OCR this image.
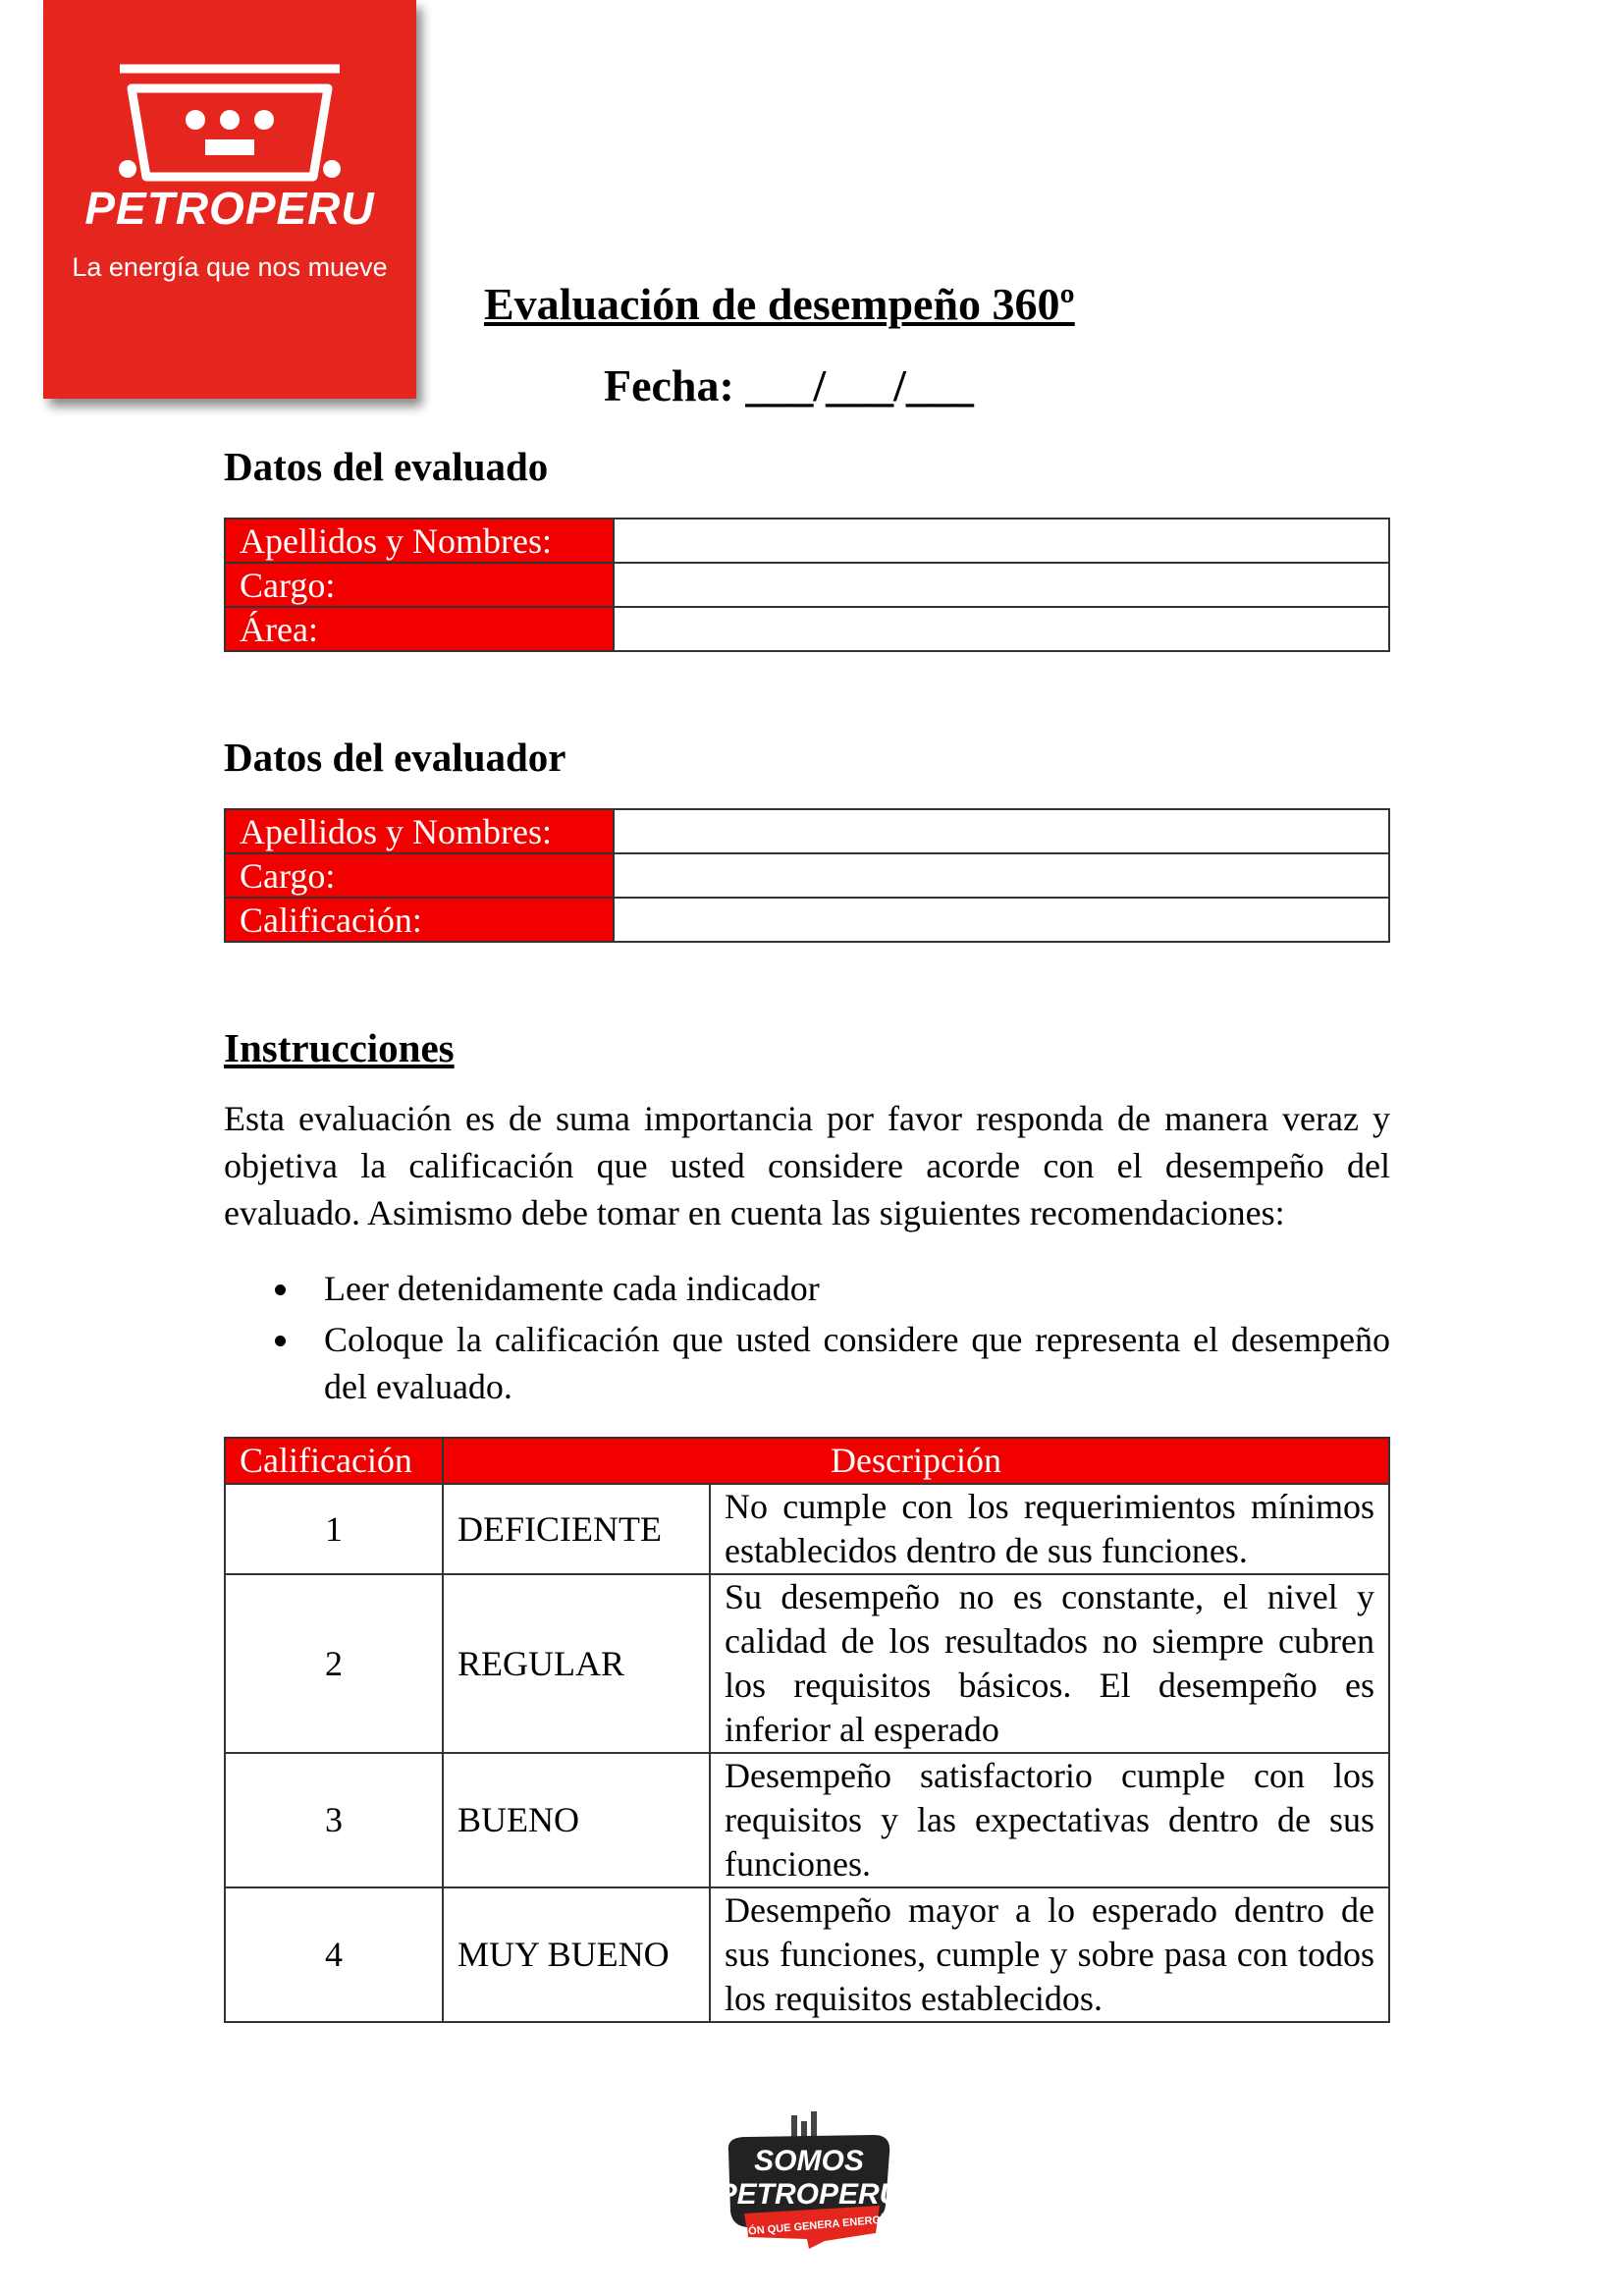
PETROPERU
La energía que nos mueve
Evaluación de desempeño 360º
Fecha: ___/___/___
Datos del evaluado
Apellidos y Nombres:	
Cargo:	
Área:	
Datos del evaluador
Apellidos y Nombres:	
Cargo:	
Calificación:	
Instrucciones
Esta evaluación es de suma importancia por favor responda de manera veraz y objetiva la calificación que usted considere acorde con el desempeño del evaluado. Asimismo debe tomar en cuenta las siguientes recomendaciones:
Leer detenidamente cada indicador
Coloque la calificación que usted considere que representa el desempeño del evaluado.
Calificación	Descripción	
1	DEFICIENTE	No cumple con los requerimientos mínimos establecidos dentro de sus funciones.
2	REGULAR	Su desempeño no es constante, el nivel y calidad de los resultados no siempre cubren los requisitos básicos. El desempeño es inferior al esperado
3	BUENO	Desempeño satisfactorio cumple con los requisitos y las expectativas dentro de sus funciones.
4	MUY BUENO	Desempeño mayor a lo esperado dentro de sus funciones, cumple y sobre pasa con todos los requisitos establecidos.
SOMOS
PETROPERÚ
UNIÓN QUE GENERA ENERGÍA
